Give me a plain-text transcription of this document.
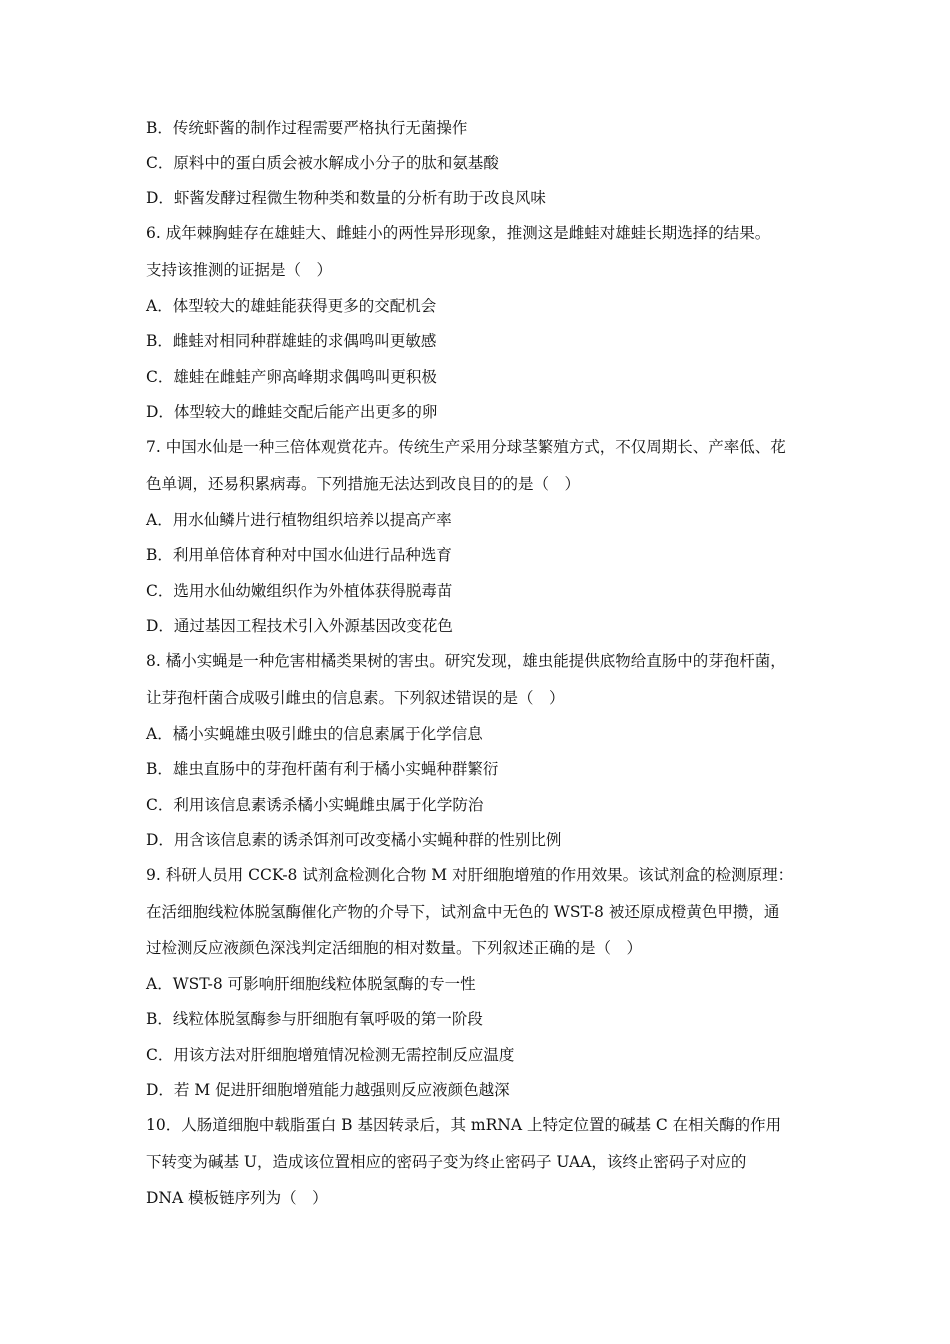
B．传统虾酱的制作过程需要严格执行无菌操作
C．原料中的蛋白质会被水解成小分子的肽和氨基酸
D．虾酱发酵过程微生物种类和数量的分析有助于改良风味
6. 成年棘胸蛙存在雄蛙大、雌蛙小的两性异形现象，推测这是雌蛙对雄蛙长期选择的结果。
支持该推测的证据是（　）
A．体型较大的雄蛙能获得更多的交配机会
B．雌蛙对相同种群雄蛙的求偶鸣叫更敏感
C．雄蛙在雌蛙产卵高峰期求偶鸣叫更积极
D．体型较大的雌蛙交配后能产出更多的卵
7. 中国水仙是一种三倍体观赏花卉。传统生产采用分球茎繁殖方式，不仅周期长、产率低、花
色单调，还易积累病毒。下列措施无法达到改良目的的是（　）
A．用水仙鳞片进行植物组织培养以提高产率
B．利用单倍体育种对中国水仙进行品种选育
C．选用水仙幼嫩组织作为外植体获得脱毒苗
D．通过基因工程技术引入外源基因改变花色
8. 橘小实蝇是一种危害柑橘类果树的害虫。研究发现，雄虫能提供底物给直肠中的芽孢杆菌，
让芽孢杆菌合成吸引雌虫的信息素。下列叙述错误的是（　）
A．橘小实蝇雄虫吸引雌虫的信息素属于化学信息
B．雄虫直肠中的芽孢杆菌有利于橘小实蝇种群繁衍
C．利用该信息素诱杀橘小实蝇雌虫属于化学防治
D．用含该信息素的诱杀饵剂可改变橘小实蝇种群的性别比例
9. 科研人员用 CCK-8 试剂盒检测化合物 M 对肝细胞增殖的作用效果。该试剂盒的检测原理：
在活细胞线粒体脱氢酶催化产物的介导下，试剂盒中无色的 WST-8 被还原成橙黄色甲攒，通
过检测反应液颜色深浅判定活细胞的相对数量。下列叙述正确的是（　）
A．WST-8 可影响肝细胞线粒体脱氢酶的专一性
B．线粒体脱氢酶参与肝细胞有氧呼吸的第一阶段
C．用该方法对肝细胞增殖情况检测无需控制反应温度
D．若 M 促进肝细胞增殖能力越强则反应液颜色越深
10．人肠道细胞中载脂蛋白 B 基因转录后，其 mRNA 上特定位置的碱基 C 在相关酶的作用
下转变为碱基 U，造成该位置相应的密码子变为终止密码子 UAA，该终止密码子对应的
DNA 模板链序列为（　）
